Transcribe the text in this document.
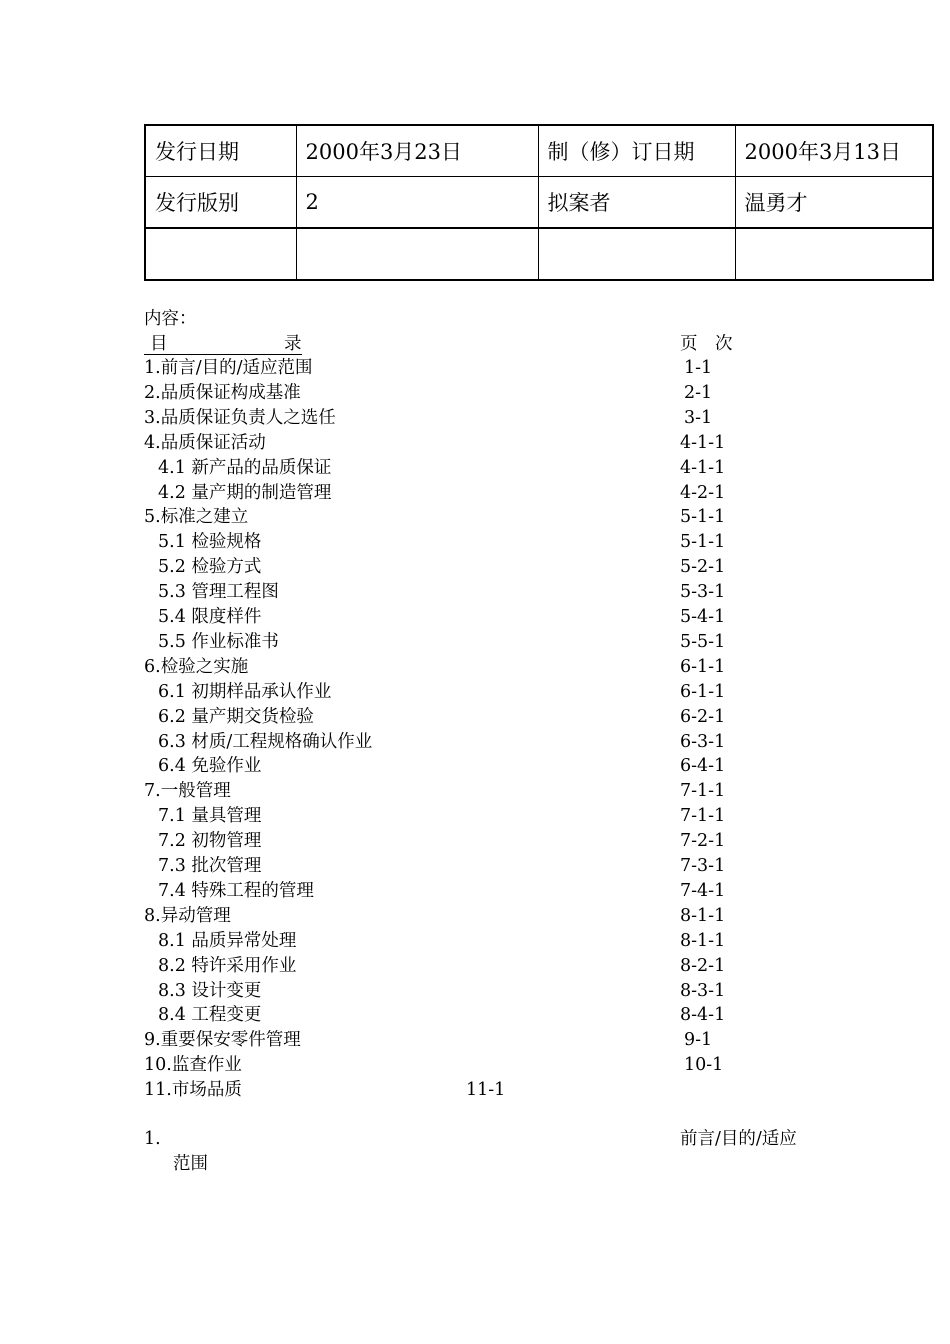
发行日期	2000年3月23日	制（修）订日期	2000年3月13日
发行版别	2	拟案者	温勇才

内容：
目	录	页　次
1.前言/目的/适应范围	1-1
2.品质保证构成基准	2-1
3.品质保证负责人之选任	3-1
4.品质保证活动	4-1-1
4.1 新产品的品质保证	4-1-1
4.2 量产期的制造管理	4-2-1
5.标准之建立	5-1-1
5.1 检验规格	5-1-1
5.2 检验方式	5-2-1
5.3 管理工程图	5-3-1
5.4 限度样件	5-4-1
5.5 作业标准书	5-5-1
6.检验之实施	6-1-1
6.1 初期样品承认作业	6-1-1
6.2 量产期交货检验	6-2-1
6.3 材质/工程规格确认作业	6-3-1
6.4 免验作业	6-4-1
7.一般管理	7-1-1
7.1 量具管理	7-1-1
7.2 初物管理	7-2-1
7.3 批次管理	7-3-1
7.4 特殊工程的管理	7-4-1
8.异动管理	8-1-1
8.1 品质异常处理	8-1-1
8.2 特许采用作业	8-2-1
8.3 设计变更	8-3-1
8.4 工程变更	8-4-1
9.重要保安零件管理	9-1
10.监查作业	10-1
11.市场品质	11-1
1.	前言/目的/适应
范围
